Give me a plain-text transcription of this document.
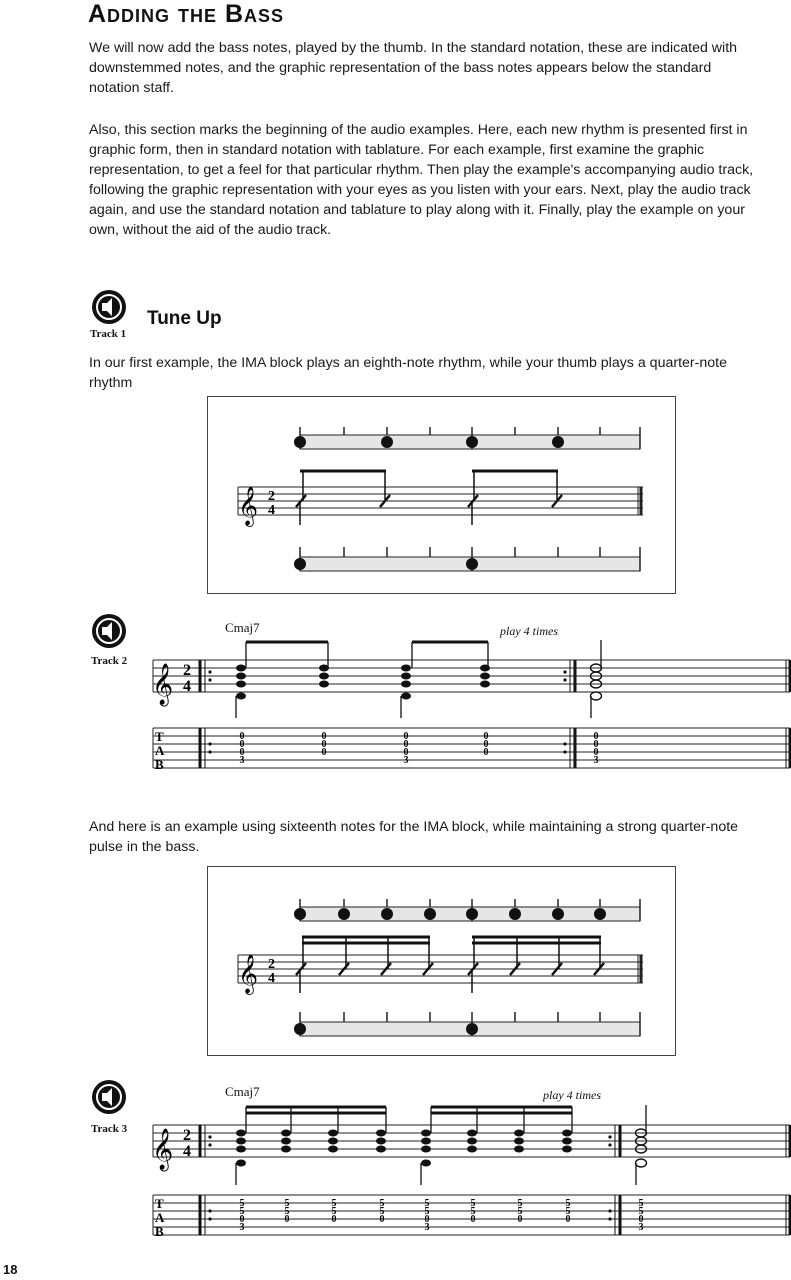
Adding the Bass
We will now add the bass notes, played by the thumb. In the standard notation, these are indicated with downstemmed notes, and the graphic representation of the bass notes appears below the standard notation staff.
Also, this section marks the beginning of the audio examples. Here, each new rhythm is presented first in graphic form, then in standard notation with tablature. For each example, first examine the graphic representation, to get a feel for that particular rhythm. Then play the example's accompanying audio track, following the graphic representation with your eyes as you listen with your ears. Next, play the audio track again, and use the standard notation and tablature to play along with it. Finally, play the example on your own, without the aid of the audio track.
Track 1
Tune Up
In our first example, the IMA block plays an eighth-note rhythm, while your thumb plays a quarter-note rhythm
𝄞 2
4
Track 2
Cmaj7	play 4 times
𝄞 2
4
T
A
B
0
0
0
3
0
0
0
0
0
0
3
0
0
0
0
0
0
3
And here is an example using sixteenth notes for the IMA block, while maintaining a strong quarter-note pulse in the bass.
𝄞 2
4
Track 3
Cmaj7	play 4 times
𝄞 2
4
T
A
B
5
5
0
3
5
5
0
5
5
0
5
5
0
5
5
0
3
5
5
0
5
5
0
5
5
0
5
5
0
3
18
